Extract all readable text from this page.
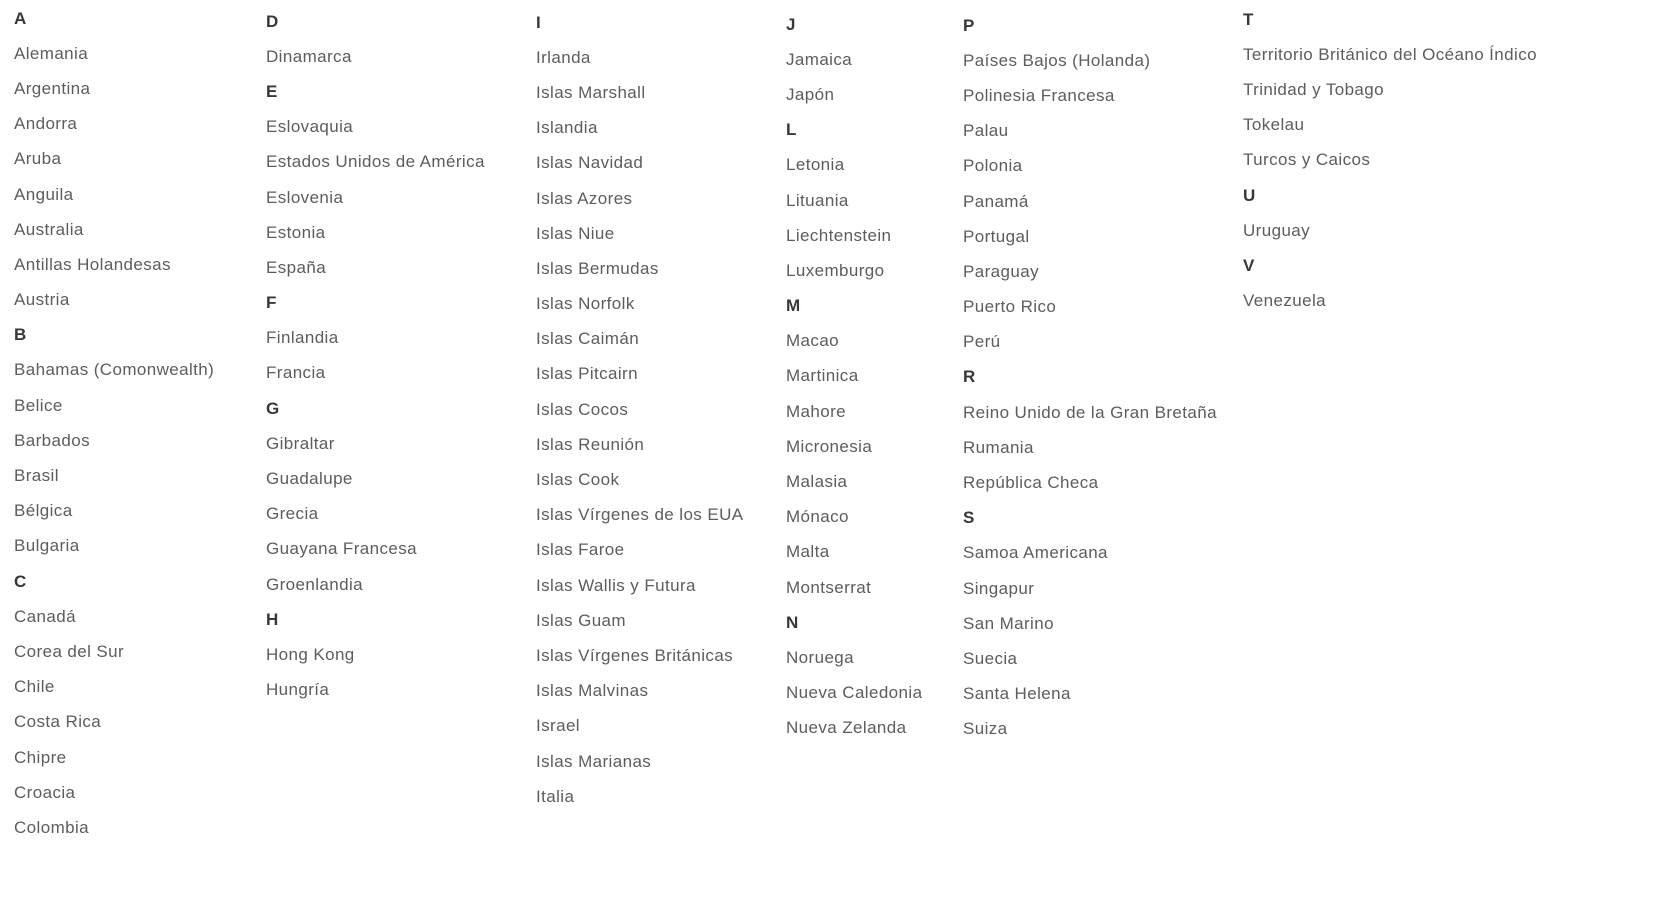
A
Alemania
Argentina
Andorra
Aruba
Anguila
Australia
Antillas Holandesas
Austria
B
Bahamas (Comonwealth)
Belice
Barbados
Brasil
Bélgica
Bulgaria
C
Canadá
Corea del Sur
Chile
Costa Rica
Chipre
Croacia
Colombia
D
Dinamarca
E
Eslovaquia
Estados Unidos de América
Eslovenia
Estonia
España
F
Finlandia
Francia
G
Gibraltar
Guadalupe
Grecia
Guayana Francesa
Groenlandia
H
Hong Kong
Hungría
I
Irlanda
Islas Marshall
Islandia
Islas Navidad
Islas Azores
Islas Niue
Islas Bermudas
Islas Norfolk
Islas Caimán
Islas Pitcairn
Islas Cocos
Islas Reunión
Islas Cook
Islas Vírgenes de los EUA
Islas Faroe
Islas Wallis y Futura
Islas Guam
Islas Vírgenes Británicas
Islas Malvinas
Israel
Islas Marianas
Italia
J
Jamaica
Japón
L
Letonia
Lituania
Liechtenstein
Luxemburgo
M
Macao
Martinica
Mahore
Micronesia
Malasia
Mónaco
Malta
Montserrat
N
Noruega
Nueva Caledonia
Nueva Zelanda
P
Países Bajos (Holanda)
Polinesia Francesa
Palau
Polonia
Panamá
Portugal
Paraguay
Puerto Rico
Perú
R
Reino Unido de la Gran Bretaña
Rumania
República Checa
S
Samoa Americana
Singapur
San Marino
Suecia
Santa Helena
Suiza
T
Territorio Británico del Océano Índico
Trinidad y Tobago
Tokelau
Turcos y Caicos
U
Uruguay
V
Venezuela
